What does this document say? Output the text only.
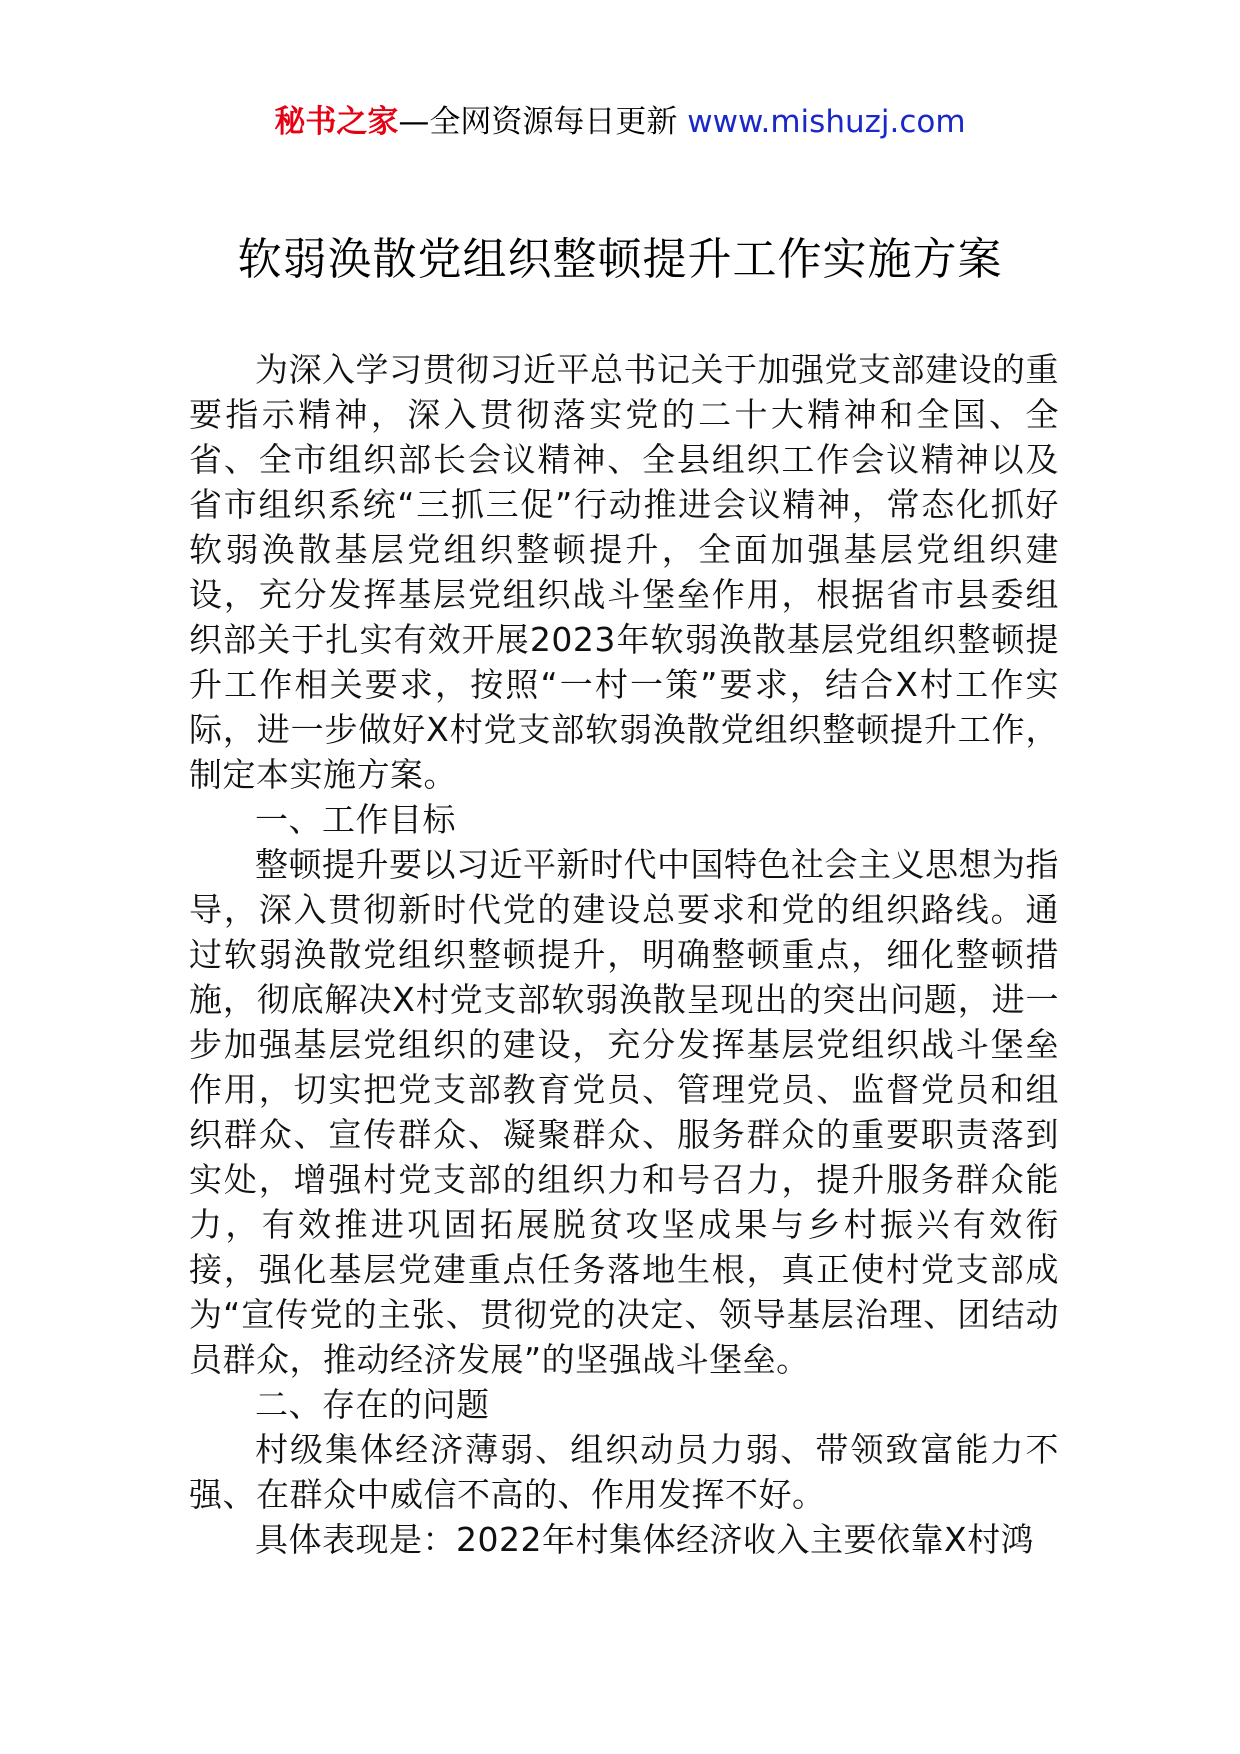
秘书之家—全网资源每日更新 www.mishuzj.com
软弱涣散党组织整顿提升工作实施方案

为深入学习贯彻习近平总书记关于加强党支部建设的重要指示精神，深入贯彻落实党的二十大精神和全国、全省、全市组织部长会议精神、全县组织工作会议精神以及省市组织系统“三抓三促”行动推进会议精神，常态化抓好软弱涣散基层党组织整顿提升，全面加强基层党组织建设，充分发挥基层党组织战斗堡垒作用，根据省市县委组织部关于扎实有效开展2023年软弱涣散基层党组织整顿提升工作相关要求，按照“一村一策”要求，结合X村工作实际，进一步做好X村党支部软弱涣散党组织整顿提升工作，制定本实施方案。

一、工作目标

整顿提升要以习近平新时代中国特色社会主义思想为指导，深入贯彻新时代党的建设总要求和党的组织路线。通过软弱涣散党组织整顿提升，明确整顿重点，细化整顿措施，彻底解决X村党支部软弱涣散呈现出的突出问题，进一步加强基层党组织的建设，充分发挥基层党组织战斗堡垒作用，切实把党支部教育党员、管理党员、监督党员和组织群众、宣传群众、凝聚群众、服务群众的重要职责落到实处，增强村党支部的组织力和号召力，提升服务群众能力，有效推进巩固拓展脱贫攻坚成果与乡村振兴有效衔接，强化基层党建重点任务落地生根，真正使村党支部成为“宣传党的主张、贯彻党的决定、领导基层治理、团结动员群众，推动经济发展”的坚强战斗堡垒。

二、存在的问题

村级集体经济薄弱、组织动员力弱、带领致富能力不强、在群众中威信不高的、作用发挥不好。

具体表现是：2022年村集体经济收入主要依靠X村鸿
